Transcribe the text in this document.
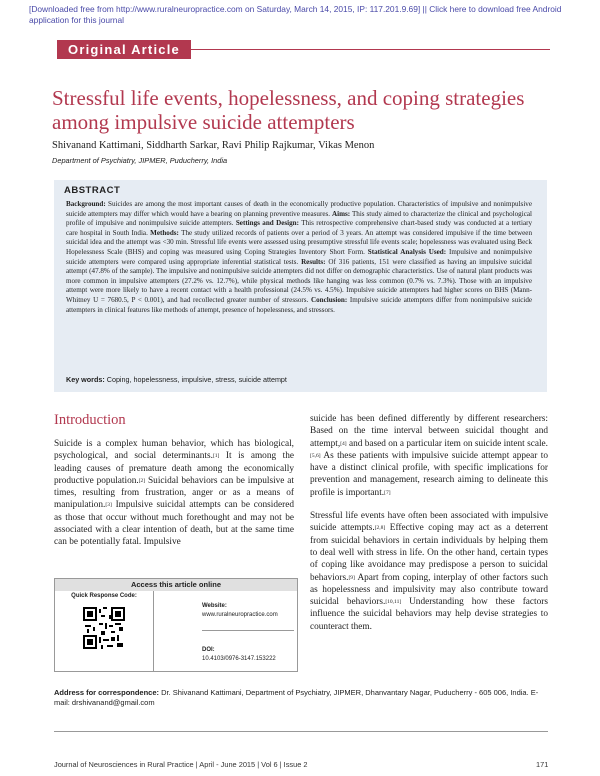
[Downloaded free from http://www.ruralneuropractice.com on Saturday, March 14, 2015, IP: 117.201.9.69] || Click here to download free Android application for this journal
Original Article
Stressful life events, hopelessness, and coping strategies among impulsive suicide attempters
Shivanand Kattimani, Siddharth Sarkar, Ravi Philip Rajkumar, Vikas Menon
Department of Psychiatry, JIPMER, Puducherry, India
ABSTRACT
Background: Suicides are among the most important causes of death in the economically productive population. Characteristics of impulsive and nonimpulsive suicide attempters may differ which would have a bearing on planning preventive measures. Aims: This study aimed to characterize the clinical and psychological profile of impulsive and nonimpulsive suicide attempters. Settings and Design: This retrospective comprehensive chart-based study was conducted at a tertiary care hospital in South India. Methods: The study utilized records of patients over a period of 3 years. An attempt was considered impulsive if the time between suicidal idea and the attempt was <30 min. Stressful life events were assessed using presumptive stressful life events scale; hopelessness was evaluated using Beck Hopelessness Scale (BHS) and coping was measured using Coping Strategies Inventory Short Form. Statistical Analysis Used: Impulsive and nonimpulsive suicide attempters were compared using appropriate inferential statistical tests. Results: Of 316 patients, 151 were classified as having an impulsive suicidal attempt (47.8% of the sample). The impulsive and nonimpulsive suicide attempters did not differ on demographic characteristics. Use of natural plant products was more common in impulsive attempters (27.2% vs. 12.7%), while physical methods like hanging was less common (0.7% vs. 7.3%). Those with an impulsive attempt were more likely to have a recent contact with a health professional (24.5% vs. 4.5%). Impulsive suicide attempters had higher scores on BHS (Mann-Whitney U = 7680.5, P < 0.001), and had recollected greater number of stressors. Conclusion: Impulsive suicide attempters differ from nonimpulsive suicide attempters in clinical features like methods of attempt, presence of hopelessness, and stressors.
Key words: Coping, hopelessness, impulsive, stress, suicide attempt
Introduction

Suicide is a complex human behavior, which has biological, psychological, and social determinants.[1] It is among the leading causes of premature death among the economically productive population.[2] Suicidal behaviors can be impulsive at times, resulting from frustration, anger or as a means of manipulation.[3] Impulsive suicidal attempts can be considered as those that occur without much forethought and may not be associated with a clear intention of death, but at the same time can be potentially fatal. Impulsive

suicide has been defined differently by different researchers: Based on the time interval between suicidal thought and attempt,[4] and based on a particular item on suicide intent scale.[5,6] As these patients with impulsive suicide attempt appear to have a distinct clinical profile, with specific implications for prevention and management, research aiming to delineate this profile is important.[7]

Stressful life events have often been associated with impulsive suicide attempts.[2,8] Effective coping may act as a deterrent from suicidal behaviors in certain individuals by helping them to deal well with stress in life. On the other hand, certain types of coping like avoidance may predispose a person to suicidal behaviors.[9] Apart from coping, interplay of other factors such as hopelessness and impulsivity may also contribute toward suicidal behaviors.[10,11] Understanding how these factors influence the suicidal behaviors may help devise strategies to counteract them.

Access this article online
Quick Response Code:
Website:
www.ruralneuropractice.com
DOI:
10.4103/0976-3147.153222
Address for correspondence: Dr. Shivanand Kattimani, Department of Psychiatry, JIPMER, Dhanvantary Nagar, Puducherry - 605 006, India. E-mail: drshivanand@gmail.com
Journal of Neurosciences in Rural Practice | April - June 2015 | Vol 6 | Issue 2	171
